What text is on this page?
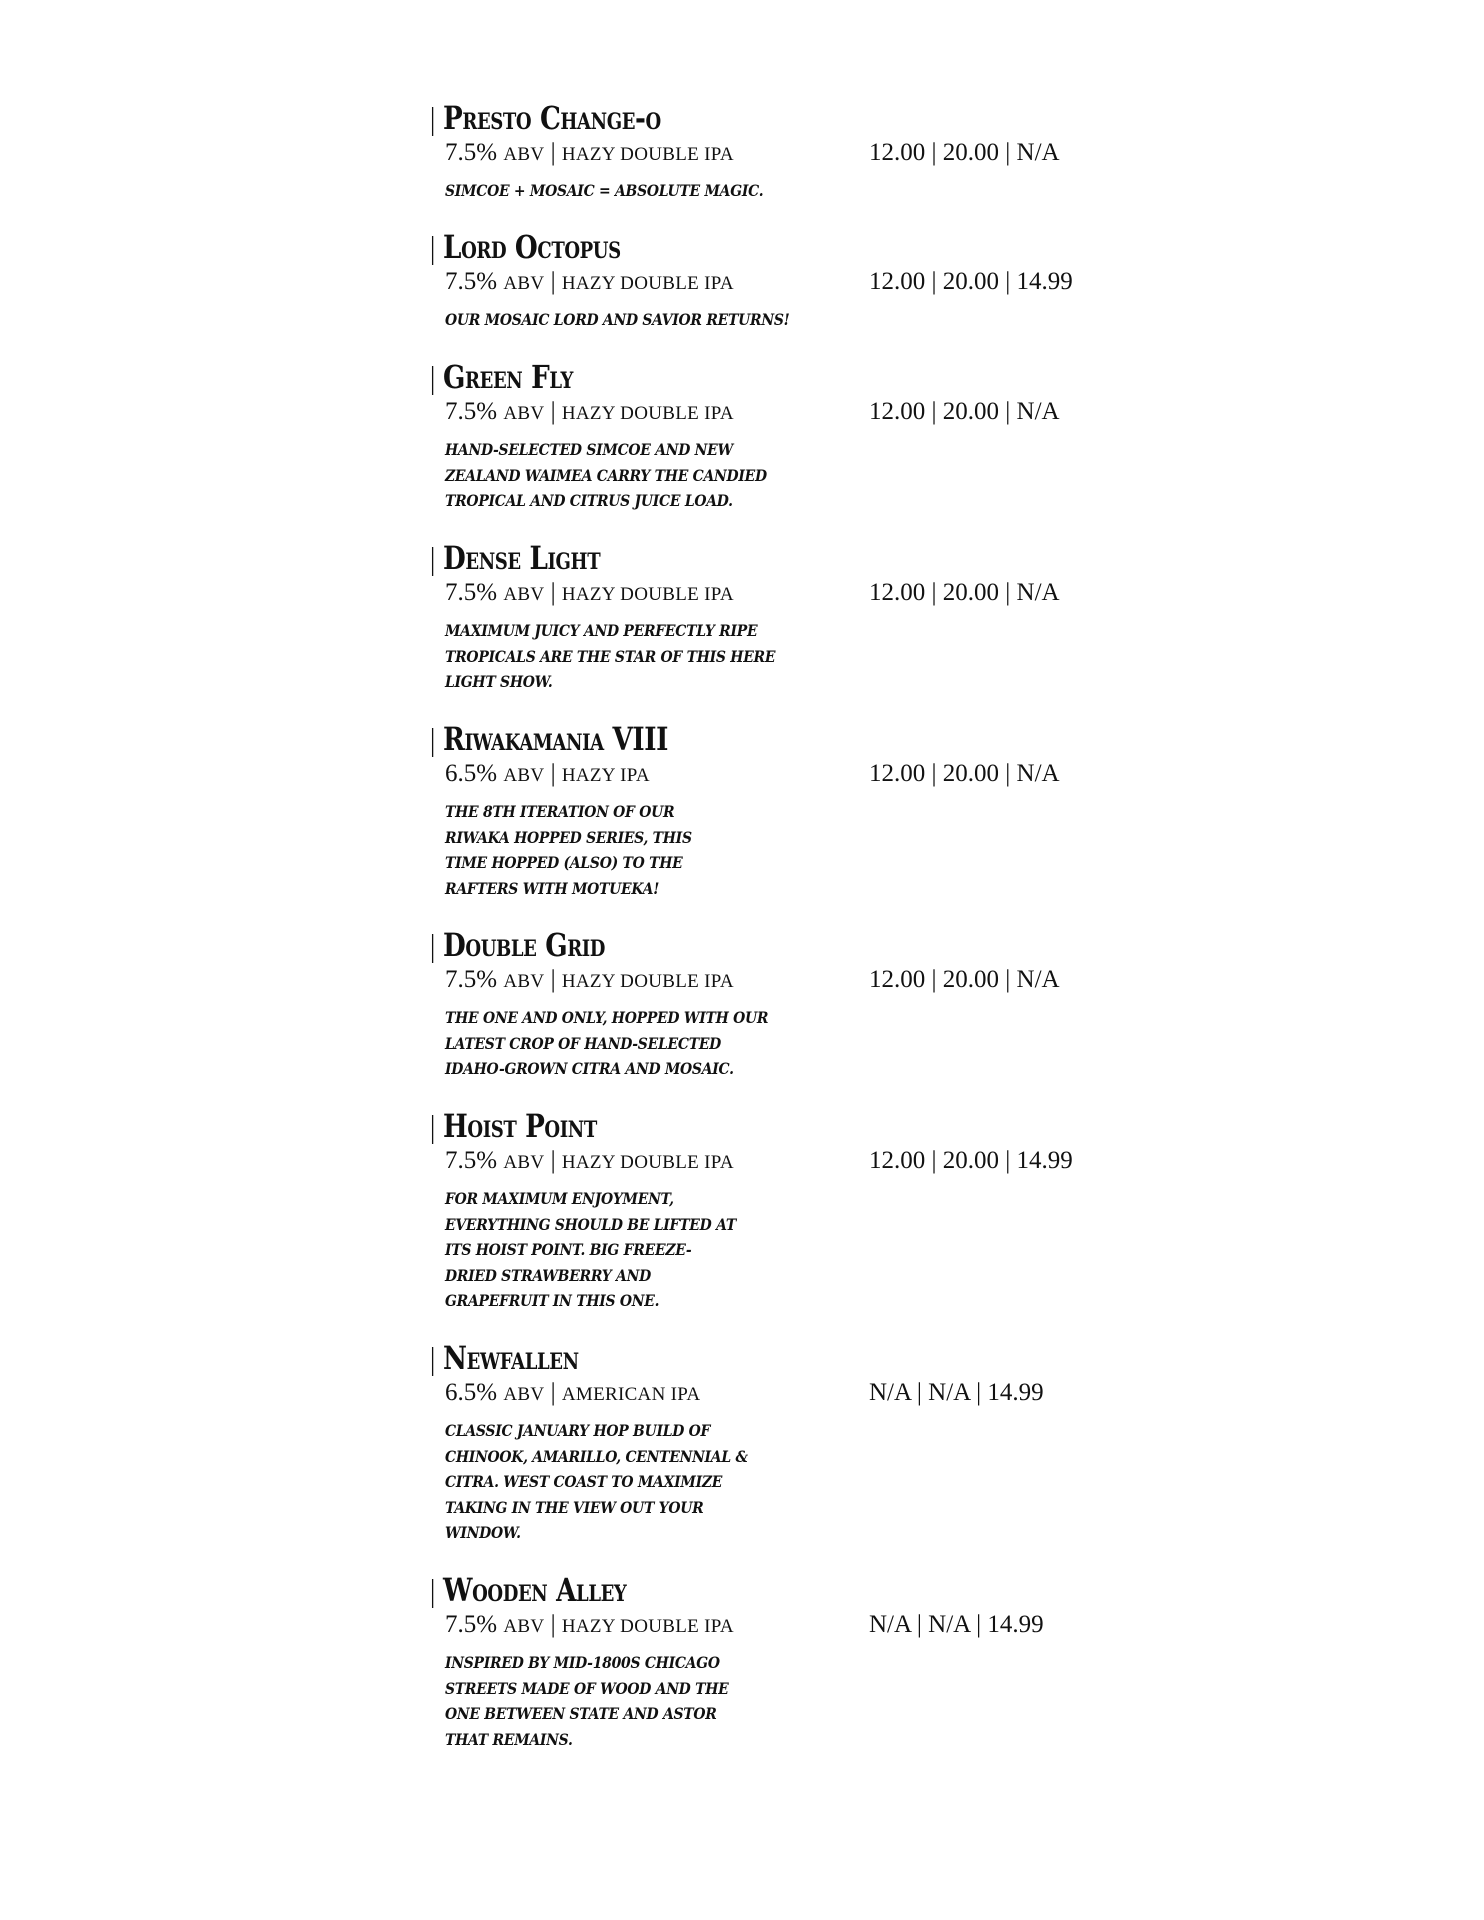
| Presto Change-o
7.5% ABV | HAZY DOUBLE IPA	12.00 | 20.00 | N/A
SIMCOE + MOSAIC = ABSOLUTE MAGIC.
| Lord Octopus
7.5% ABV | HAZY DOUBLE IPA	12.00 | 20.00 | 14.99
OUR MOSAIC LORD AND SAVIOR RETURNS!
| Green Fly
7.5% ABV | HAZY DOUBLE IPA	12.00 | 20.00 | N/A
HAND-SELECTED SIMCOE AND NEW
ZEALAND WAIMEA CARRY THE CANDIED
TROPICAL AND CITRUS JUICE LOAD.
| Dense Light
7.5% ABV | HAZY DOUBLE IPA	12.00 | 20.00 | N/A
MAXIMUM JUICY AND PERFECTLY RIPE
TROPICALS ARE THE STAR OF THIS HERE
LIGHT SHOW.
| Riwakamania VIII
6.5% ABV | HAZY IPA	12.00 | 20.00 | N/A
THE 8TH ITERATION OF OUR
RIWAKA HOPPED SERIES, THIS
TIME HOPPED (ALSO) TO THE
RAFTERS WITH MOTUEKA!
| Double Grid
7.5% ABV | HAZY DOUBLE IPA	12.00 | 20.00 | N/A
THE ONE AND ONLY, HOPPED WITH OUR
LATEST CROP OF HAND-SELECTED
IDAHO-GROWN CITRA AND MOSAIC.
| Hoist Point
7.5% ABV | HAZY DOUBLE IPA	12.00 | 20.00 | 14.99
FOR MAXIMUM ENJOYMENT,
EVERYTHING SHOULD BE LIFTED AT
ITS HOIST POINT. BIG FREEZE-
DRIED STRAWBERRY AND
GRAPEFRUIT IN THIS ONE.
| Newfallen
6.5% ABV | AMERICAN IPA	N/A | N/A | 14.99
CLASSIC JANUARY HOP BUILD OF
CHINOOK, AMARILLO, CENTENNIAL &
CITRA. WEST COAST TO MAXIMIZE
TAKING IN THE VIEW OUT YOUR
WINDOW.
| Wooden Alley
7.5% ABV | HAZY DOUBLE IPA	N/A | N/A | 14.99
INSPIRED BY MID-1800S CHICAGO
STREETS MADE OF WOOD AND THE
ONE BETWEEN STATE AND ASTOR
THAT REMAINS.
